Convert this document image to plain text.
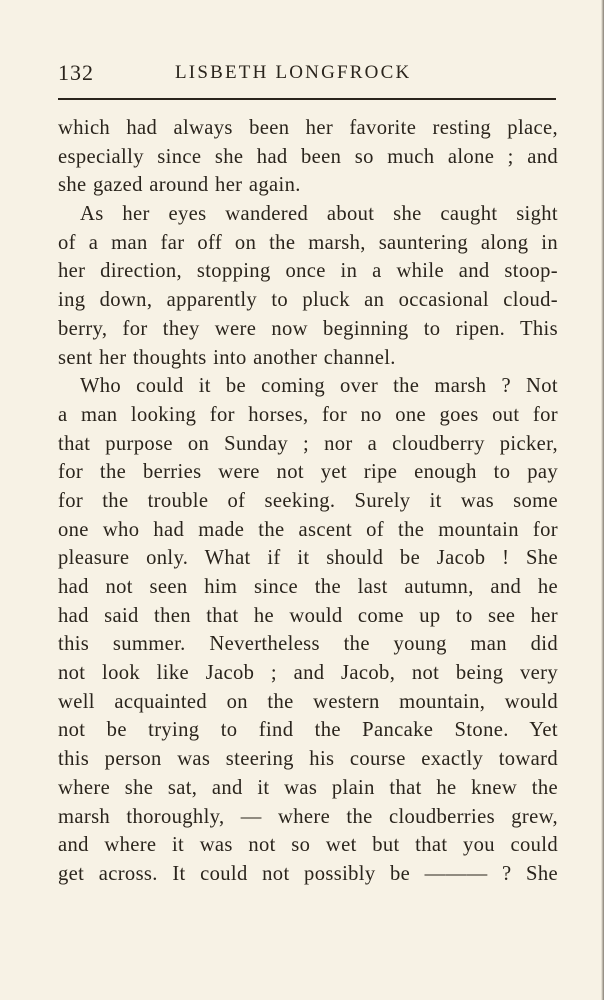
132	LISBETH LONGFROCK
which had always been her favorite resting place,
especially since she had been so much alone ; and
she gazed around her again.
As her eyes wandered about she caught sight
of a man far off on the marsh, sauntering along in
her direction, stopping once in a while and stoop-
ing down, apparently to pluck an occasional cloud-
berry, for they were now beginning to ripen. This
sent her thoughts into another channel.
Who could it be coming over the marsh ? Not
a man looking for horses, for no one goes out for
that purpose on Sunday ; nor a cloudberry picker,
for the berries were not yet ripe enough to pay
for the trouble of seeking. Surely it was some
one who had made the ascent of the mountain for
pleasure only. What if it should be Jacob ! She
had not seen him since the last autumn, and he
had said then that he would come up to see her
this summer. Nevertheless the young man did
not look like Jacob ; and Jacob, not being very
well acquainted on the western mountain, would
not be trying to find the Pancake Stone. Yet
this person was steering his course exactly toward
where she sat, and it was plain that he knew the
marsh thoroughly, — where the cloudberries grew,
and where it was not so wet but that you could
get across. It could not possibly be ——— ? She
